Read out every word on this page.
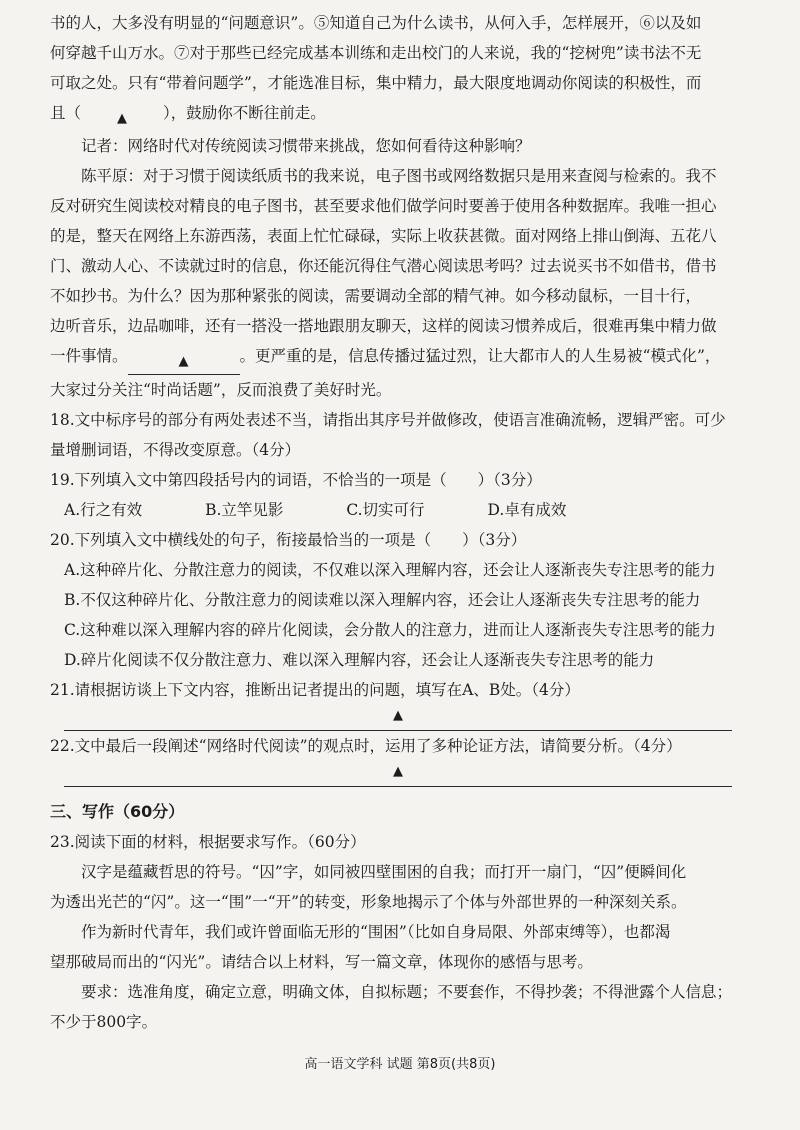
书的人，大多没有明显的“问题意识”。⑤知道自己为什么读书，从何入手，怎样展开，⑥以及如
何穿越千山万水。⑦对于那些已经完成基本训练和走出校门的人来说，我的“挖树兜”读书法不无
可取之处。只有“带着问题学”，才能选准目标，集中精力，最大限度地调动你阅读的积极性，而
且（	▲ ），鼓励你不断往前走。
记者：网络时代对传统阅读习惯带来挑战，您如何看待这种影响？
陈平原：对于习惯于阅读纸质书的我来说，电子图书或网络数据只是用来查阅与检索的。我不
反对研究生阅读校对精良的电子图书，甚至要求他们做学问时要善于使用各种数据库。我唯一担心
的是，整天在网络上东游西荡，表面上忙忙碌碌，实际上收获甚微。面对网络上排山倒海、五花八
门、激动人心、不读就过时的信息，你还能沉得住气潜心阅读思考吗？过去说买书不如借书，借书
不如抄书。为什么？因为那种紧张的阅读，需要调动全部的精气神。如今移动鼠标，一目十行，
边听音乐，边品咖啡，还有一搭没一搭地跟朋友聊天，这样的阅读习惯养成后，很难再集中精力做
一件事情。	▲	。更严重的是，信息传播过猛过烈，让大都市人的人生易被“模式化”，
大家过分关注“时尚话题”，反而浪费了美好时光。
18.文中标序号的部分有两处表述不当，请指出其序号并做修改，使语言准确流畅，逻辑严密。可少
量增删词语，不得改变原意。（4分）
19.下列填入文中第四段括号内的词语，不恰当的一项是（　　）（3分）
A.行之有效	B.立竿见影	C.切实可行	D.卓有成效
20.下列填入文中横线处的句子，衔接最恰当的一项是（　　）（3分）
A.这种碎片化、分散注意力的阅读，不仅难以深入理解内容，还会让人逐渐丧失专注思考的能力
B.不仅这种碎片化、分散注意力的阅读难以深入理解内容，还会让人逐渐丧失专注思考的能力
C.这种难以深入理解内容的碎片化阅读，会分散人的注意力，进而让人逐渐丧失专注思考的能力
D.碎片化阅读不仅分散注意力、难以深入理解内容，还会让人逐渐丧失专注思考的能力
21.请根据访谈上下文内容，推断出记者提出的问题，填写在A、B处。（4分）
▲
22.文中最后一段阐述“网络时代阅读”的观点时，运用了多种论证方法，请简要分析。（4分）
▲
三、写作（60分）
23.阅读下面的材料，根据要求写作。（60分）
汉字是蕴藏哲思的符号。“囚”字，如同被四壁围困的自我；而打开一扇门，“囚”便瞬间化
为透出光芒的“闪”。这一“围”一“开”的转变，形象地揭示了个体与外部世界的一种深刻关系。
作为新时代青年，我们或许曾面临无形的“围困”（比如自身局限、外部束缚等），也都渴
望那破局而出的“闪光”。请结合以上材料，写一篇文章，体现你的感悟与思考。
要求：选准角度，确定立意，明确文体，自拟标题；不要套作，不得抄袭；不得泄露个人信息；
不少于800字。
高一语文学科 试题 第8页(共8页)
